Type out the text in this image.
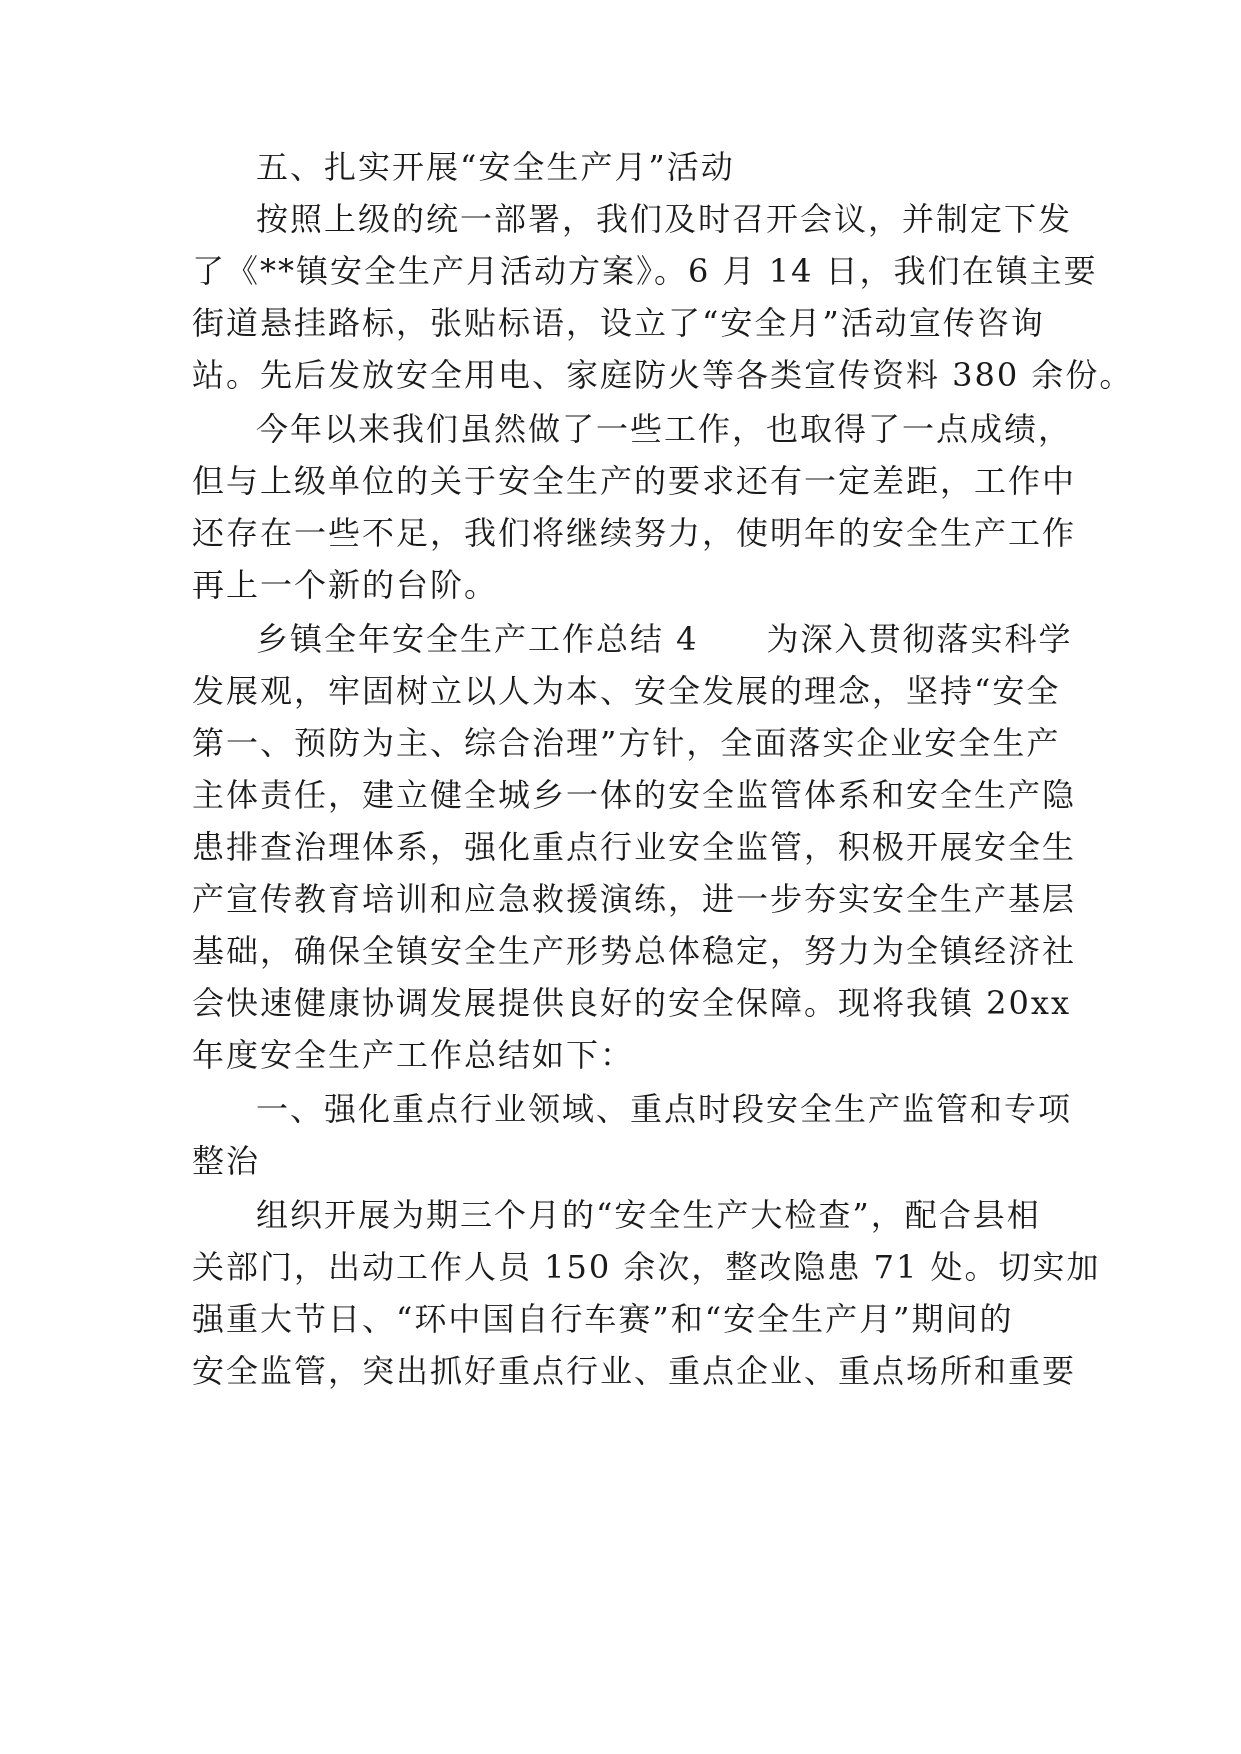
五、扎实开展“安全生产月”活动
按照上级的统一部署，我们及时召开会议，并制定下发
了《**镇安全生产月活动方案》。6 月 14 日，我们在镇主要
街道悬挂路标，张贴标语，设立了“安全月”活动宣传咨询
站。先后发放安全用电、家庭防火等各类宣传资料 380 余份。
今年以来我们虽然做了一些工作，也取得了一点成绩，
但与上级单位的关于安全生产的要求还有一定差距，工作中
还存在一些不足，我们将继续努力，使明年的安全生产工作
再上一个新的台阶。
乡镇全年安全生产工作总结 4　　为深入贯彻落实科学
发展观，牢固树立以人为本、安全发展的理念，坚持“安全
第一、预防为主、综合治理”方针，全面落实企业安全生产
主体责任，建立健全城乡一体的安全监管体系和安全生产隐
患排查治理体系，强化重点行业安全监管，积极开展安全生
产宣传教育培训和应急救援演练，进一步夯实安全生产基层
基础，确保全镇安全生产形势总体稳定，努力为全镇经济社
会快速健康协调发展提供良好的安全保障。现将我镇 20xx
年度安全生产工作总结如下：
一、强化重点行业领域、重点时段安全生产监管和专项
整治
组织开展为期三个月的“安全生产大检查”，配合县相
关部门，出动工作人员 150 余次，整改隐患 71 处。切实加
强重大节日、“环中国自行车赛”和“安全生产月”期间的
安全监管，突出抓好重点行业、重点企业、重点场所和重要
